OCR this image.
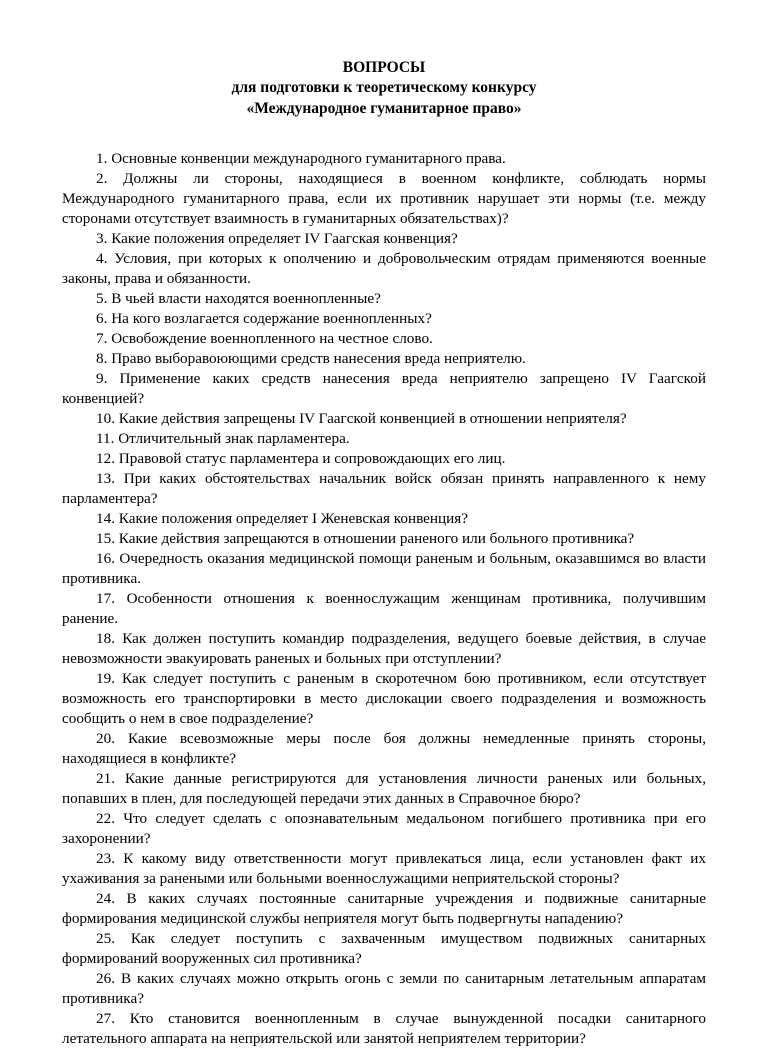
ВОПРОСЫ
для подготовки к теоретическому конкурсу
«Международное гуманитарное право»

1. Основные конвенции международного гуманитарного права.

2. Должны ли стороны, находящиеся в военном конфликте, соблюдать нормы Международного гуманитарного права, если их противник нарушает эти нормы (т.е. между сторонами отсутствует взаимность в гуманитарных обязательствах)?

3. Какие положения определяет IV Гаагская конвенция?

4. Условия, при которых к ополчению и добровольческим отрядам применяются военные законы, права и обязанности.

5. В чьей власти находятся военнопленные?

6. На кого возлагается содержание военнопленных?

7. Освобождение военнопленного на честное слово.

8. Право выборавоюющими средств нанесения вреда неприятелю.

9. Применение каких средств нанесения вреда неприятелю запрещено IV Гаагской конвенцией?

10. Какие действия запрещены IV Гаагской конвенцией в отношении неприятеля?

11. Отличительный знак парламентера.

12. Правовой статус парламентера и сопровождающих его лиц.

13. При каких обстоятельствах начальник войск обязан принять направленного к нему парламентера?

14. Какие положения определяет I Женевская конвенция?

15. Какие действия запрещаются в отношении раненого или больного противника?

16. Очередность оказания медицинской помощи раненым и больным, оказавшимся во власти противника.

17. Особенности отношения к военнослужащим женщинам противника, получившим ранение.

18. Как должен поступить командир подразделения, ведущего боевые действия, в случае невозможности эвакуировать раненых и больных при отступлении?

19. Как следует поступить с раненым в скоротечном бою противником, если отсутствует возможность его транспортировки в место дислокации своего подразделения и возможность сообщить о нем в свое подразделение?

20. Какие всевозможные меры после боя должны немедленные принять стороны, находящиеся в конфликте?

21. Какие данные регистрируются для установления личности раненых или больных, попавших в плен, для последующей передачи этих данных в Справочное бюро?

22. Что следует сделать с опознавательным медальоном погибшего противника при его захоронении?

23. К какому виду ответственности могут привлекаться лица, если установлен факт их ухаживания за ранеными или больными военнослужащими неприятельской стороны?

24. В каких случаях постоянные санитарные учреждения и подвижные санитарные формирования медицинской службы неприятеля могут быть подвергнуты нападению?

25. Как следует поступить с захваченным имуществом подвижных санитарных формирований вооруженных сил противника?

26. В каких случаях можно открыть огонь с земли по санитарным летательным аппаратам противника?

27. Кто становится военнопленным в случае вынужденной посадки санитарного летательного аппарата на неприятельской или занятой неприятелем территории?
